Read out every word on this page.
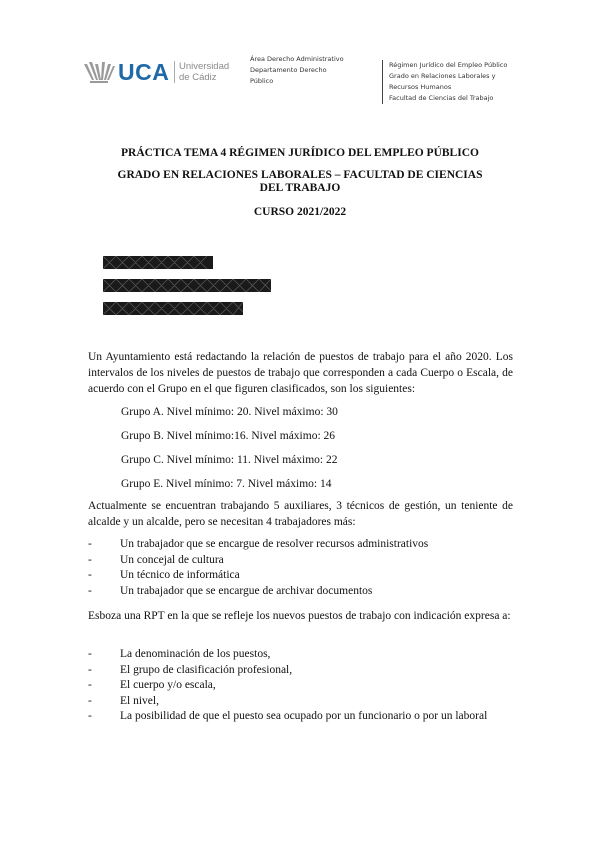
UCA Universidad
de Cádiz
Área Derecho Administrativo
Departamento Derecho
Público
Régimen Jurídico del Empleo Público
Grado en Relaciones Laborales y
Recursos Humanos
Facultad de Ciencias del Trabajo
PRÁCTICA TEMA 4 RÉGIMEN JURÍDICO DEL EMPLEO PÚBLICO
GRADO EN RELACIONES LABORALES – FACULTAD DE CIENCIAS
DEL TRABAJO
CURSO 2021/2022
Un Ayuntamiento está redactando la relación de puestos de trabajo para el año 2020. Los intervalos de los niveles de puestos de trabajo que corresponden a cada Cuerpo o Escala, de acuerdo con el Grupo en el que figuren clasificados, son los siguientes:
Grupo A. Nivel mínimo: 20. Nivel máximo: 30
Grupo B. Nivel mínimo:16. Nivel máximo: 26
Grupo C. Nivel mínimo: 11. Nivel máximo: 22
Grupo E. Nivel mínimo: 7. Nivel máximo: 14
Actualmente se encuentran trabajando 5 auxiliares, 3 técnicos de gestión, un teniente de alcalde y un alcalde, pero se necesitan 4 trabajadores más:
-	Un trabajador que se encargue de resolver recursos administrativos
-	Un concejal de cultura
-	Un técnico de informática
-	Un trabajador que se encargue de archivar documentos
Esboza una RPT en la que se refleje los nuevos puestos de trabajo con indicación expresa a:
-	La denominación de los puestos,
-	El grupo de clasificación profesional,
-	El cuerpo y/o escala,
-	El nivel,
-	La posibilidad de que el puesto sea ocupado por un funcionario o por un laboral
